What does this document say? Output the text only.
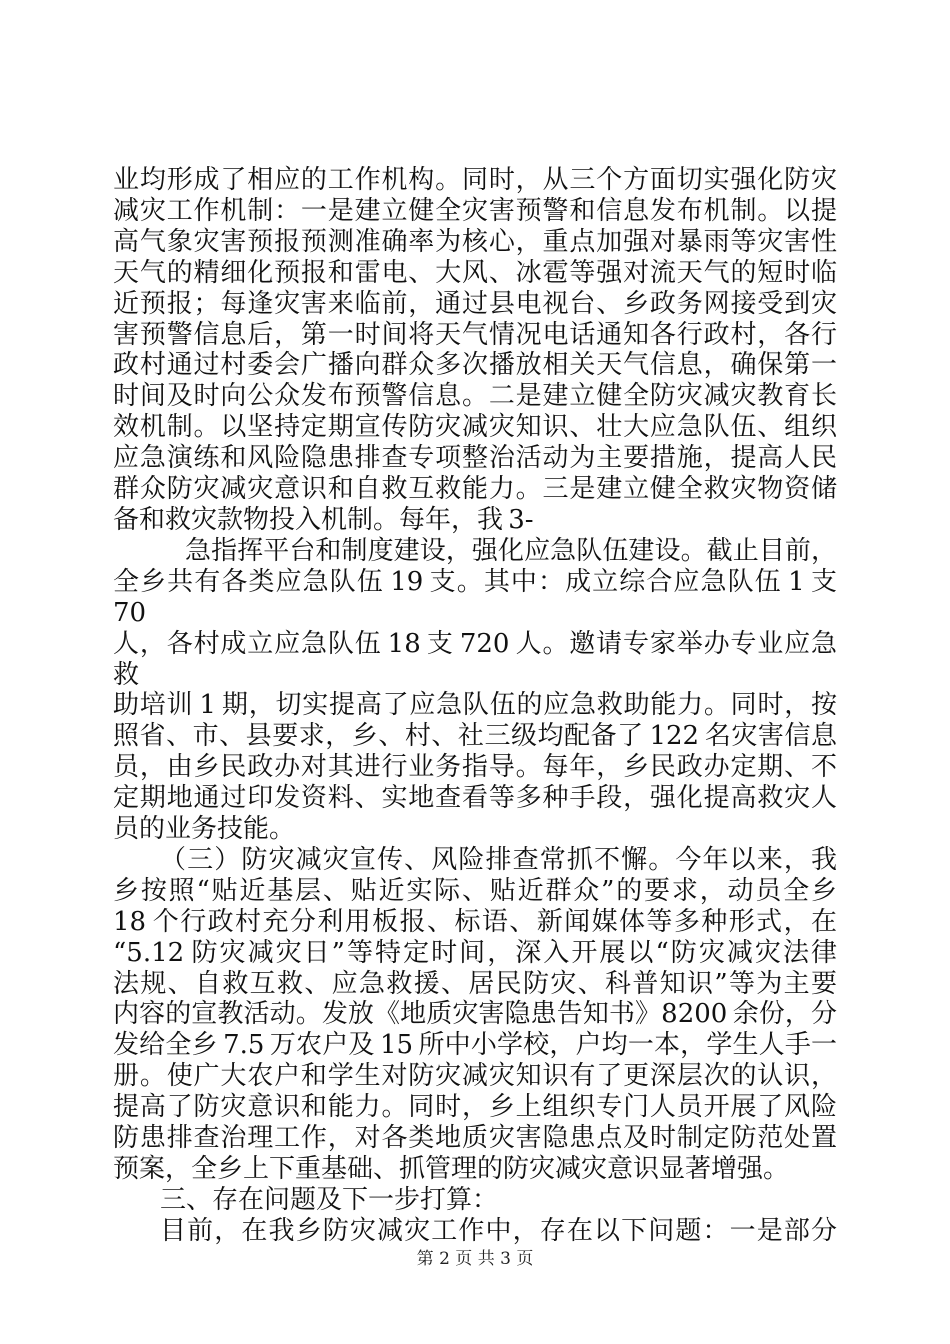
业均形成了相应的工作机构。同时，从三个方面切实强化防灾
减灾工作机制：一是建立健全灾害预警和信息发布机制。以提
高气象灾害预报预测准确率为核心，重点加强对暴雨等灾害性
天气的精细化预报和雷电、大风、冰雹等强对流天气的短时临
近预报；每逢灾害来临前，通过县电视台、乡政务网接受到灾
害预警信息后，第一时间将天气情况电话通知各行政村，各行
政村通过村委会广播向群众多次播放相关天气信息，确保第一
时间及时向公众发布预警信息。二是建立健全防灾减灾教育长
效机制。以坚持定期宣传防灾减灾知识、壮大应急队伍、组织
应急演练和风险隐患排查专项整治活动为主要措施，提高人民
群众防灾减灾意识和自救互救能力。三是建立健全救灾物资储
备和救灾款物投入机制。每年，我 3-
急指挥平台和制度建设，强化应急队伍建设。截止目前，
全乡共有各类应急队伍 19 支。其中：成立综合应急队伍 1 支 70
人，各村成立应急队伍 18 支 720 人。邀请专家举办专业应急救
助培训 1 期，切实提高了应急队伍的应急救助能力。同时，按
照省、市、县要求，乡、村、社三级均配备了 122 名灾害信息
员，由乡民政办对其进行业务指导。每年，乡民政办定期、不
定期地通过印发资料、实地查看等多种手段，强化提高救灾人
员的业务技能。
（三）防灾减灾宣传、风险排查常抓不懈。今年以来，我
乡按照“贴近基层、贴近实际、贴近群众”的要求，动员全乡
18 个行政村充分利用板报、标语、新闻媒体等多种形式，在
“5.12 防灾减灾日”等特定时间，深入开展以“防灾减灾法律
法规、自救互救、应急救援、居民防灾、科普知识”等为主要
内容的宣教活动。发放《地质灾害隐患告知书》8200 余份，分
发给全乡 7.5 万农户及 15 所中小学校，户均一本，学生人手一
册。使广大农户和学生对防灾减灾知识有了更深层次的认识，
提高了防灾意识和能力。同时，乡上组织专门人员开展了风险
防患排查治理工作，对各类地质灾害隐患点及时制定防范处置
预案，全乡上下重基础、抓管理的防灾减灾意识显著增强。
三、存在问题及下一步打算：
目前，在我乡防灾减灾工作中，存在以下问题：一是部分
第 2 页 共 3 页
